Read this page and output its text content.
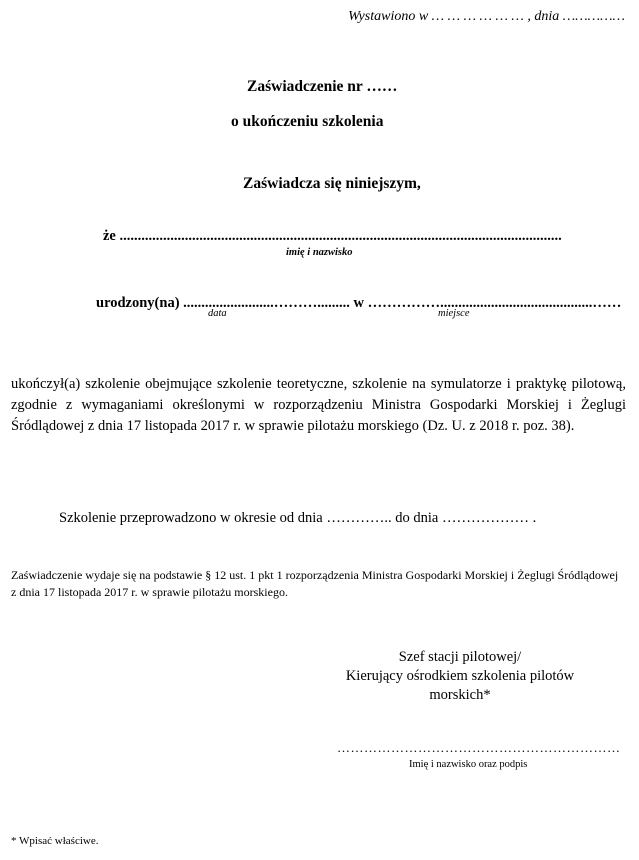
Wystawiono w … … … … … … , dnia ……………
Zaświadczenie nr ……
o ukończeniu szkolenia
Zaświadcza się niniejszym,
że ..........................................................................................................................
imię i nazwisko
urodzony(na) .........................………......... w ……………..........................................……
data	miejsce

ukończył(a) szkolenie obejmujące szkolenie teoretyczne, szkolenie na symulatorze i praktykę pilotową, zgodnie z wymaganiami określonymi w rozporządzeniu Ministra Gospodarki Morskiej i Żeglugi Śródlądowej z dnia 17 listopada 2017 r. w sprawie pilotażu morskiego (Dz. U. z 2018 r. poz. 38).

Szkolenie przeprowadzono w okresie od dnia ………….. do dnia ……………… .

Zaświadczenie wydaje się na podstawie § 12 ust. 1 pkt 1 rozporządzenia Ministra Gospodarki Morskiej i Żeglugi Śródlądowej z dnia 17 listopada 2017 r. w sprawie pilotażu morskiego.

Szef stacji pilotowej/
Kierujący ośrodkiem szkolenia pilotów
morskich*
………………………………………………………
Imię i nazwisko oraz podpis
* Wpisać właściwe.
